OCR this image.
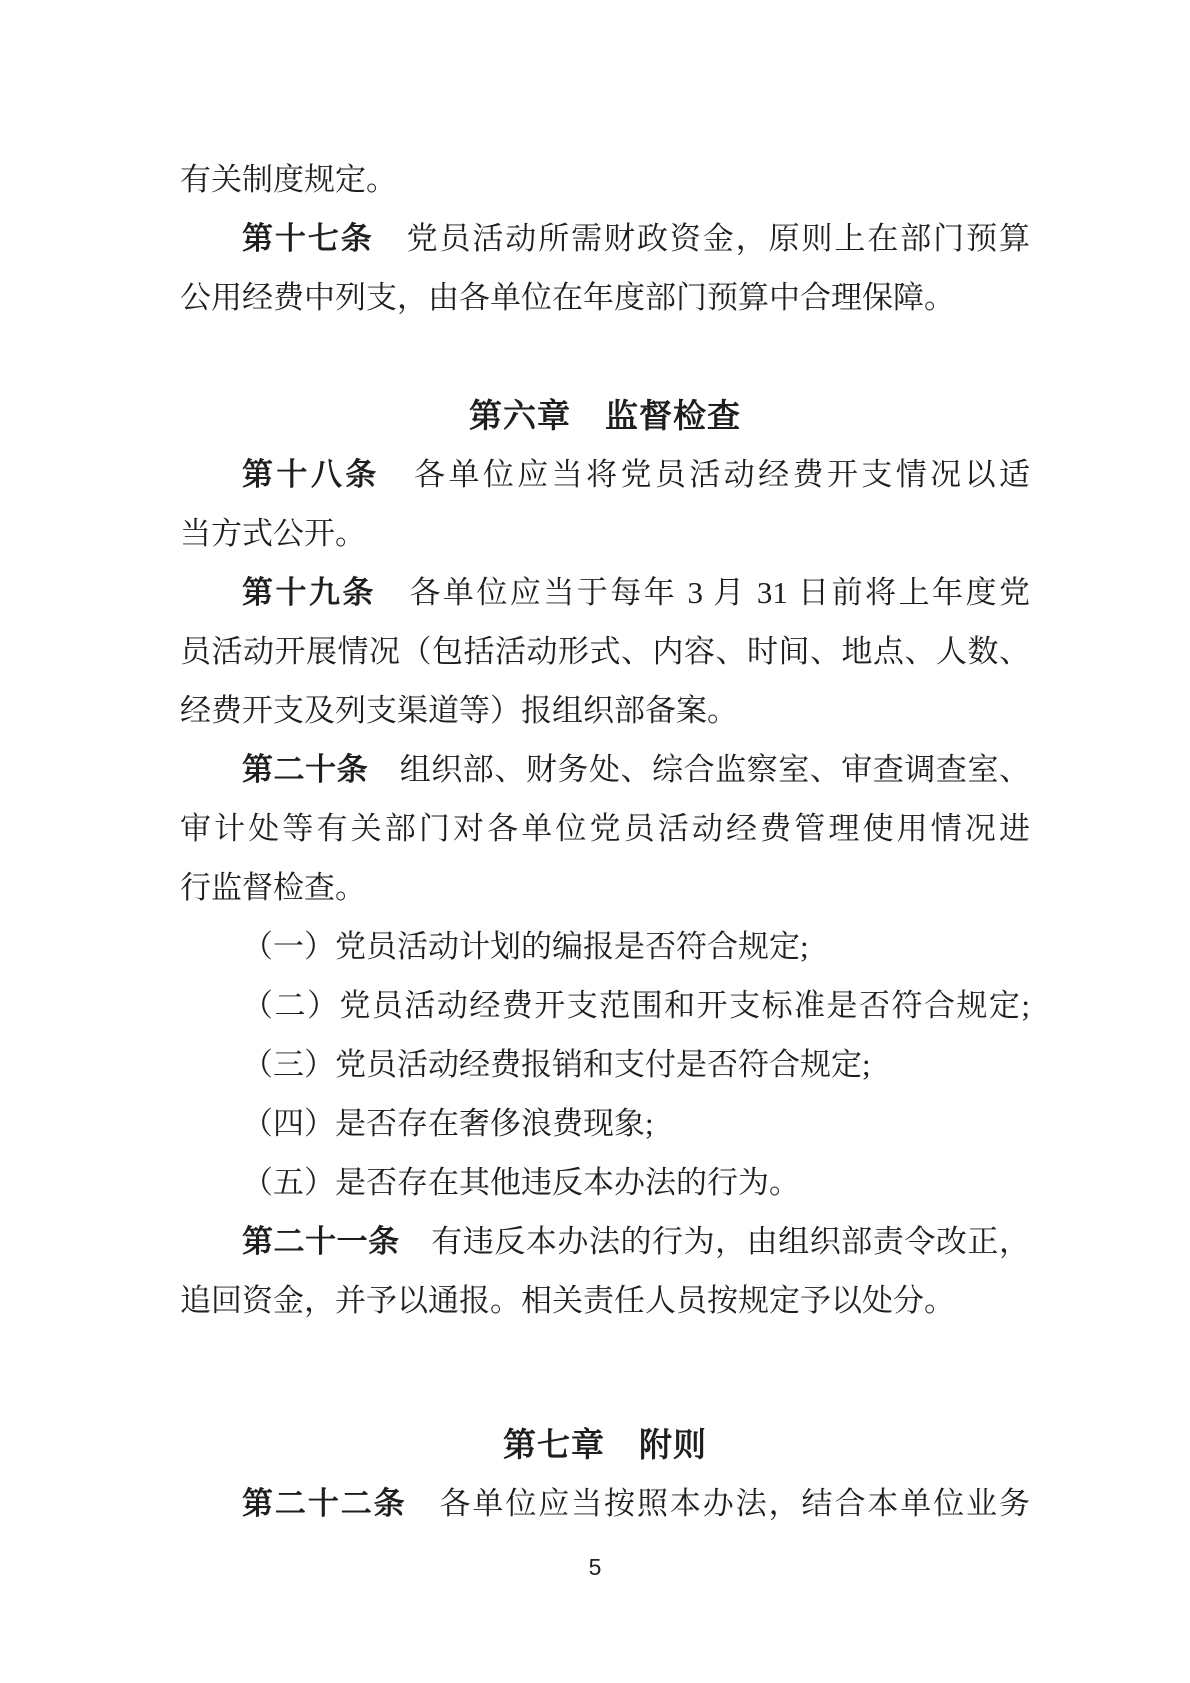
有关制度规定。
第十七条　党员活动所需财政资金，原则上在部门预算
公用经费中列支，由各单位在年度部门预算中合理保障。
第六章　监督检查
第十八条　各单位应当将党员活动经费开支情况以适
当方式公开。
第十九条　各单位应当于每年 3 月 31 日前将上年度党
员活动开展情况（包括活动形式、内容、时间、地点、人数、
经费开支及列支渠道等）报组织部备案。
第二十条　组织部、财务处、综合监察室、审查调查室、
审计处等有关部门对各单位党员活动经费管理使用情况进
行监督检查。
（一）党员活动计划的编报是否符合规定;
（二）党员活动经费开支范围和开支标准是否符合规定;
（三）党员活动经费报销和支付是否符合规定;
（四）是否存在奢侈浪费现象;
（五）是否存在其他违反本办法的行为。
第二十一条　有违反本办法的行为，由组织部责令改正，
追回资金，并予以通报。相关责任人员按规定予以处分。
第七章　附则
第二十二条　各单位应当按照本办法，结合本单位业务
5
